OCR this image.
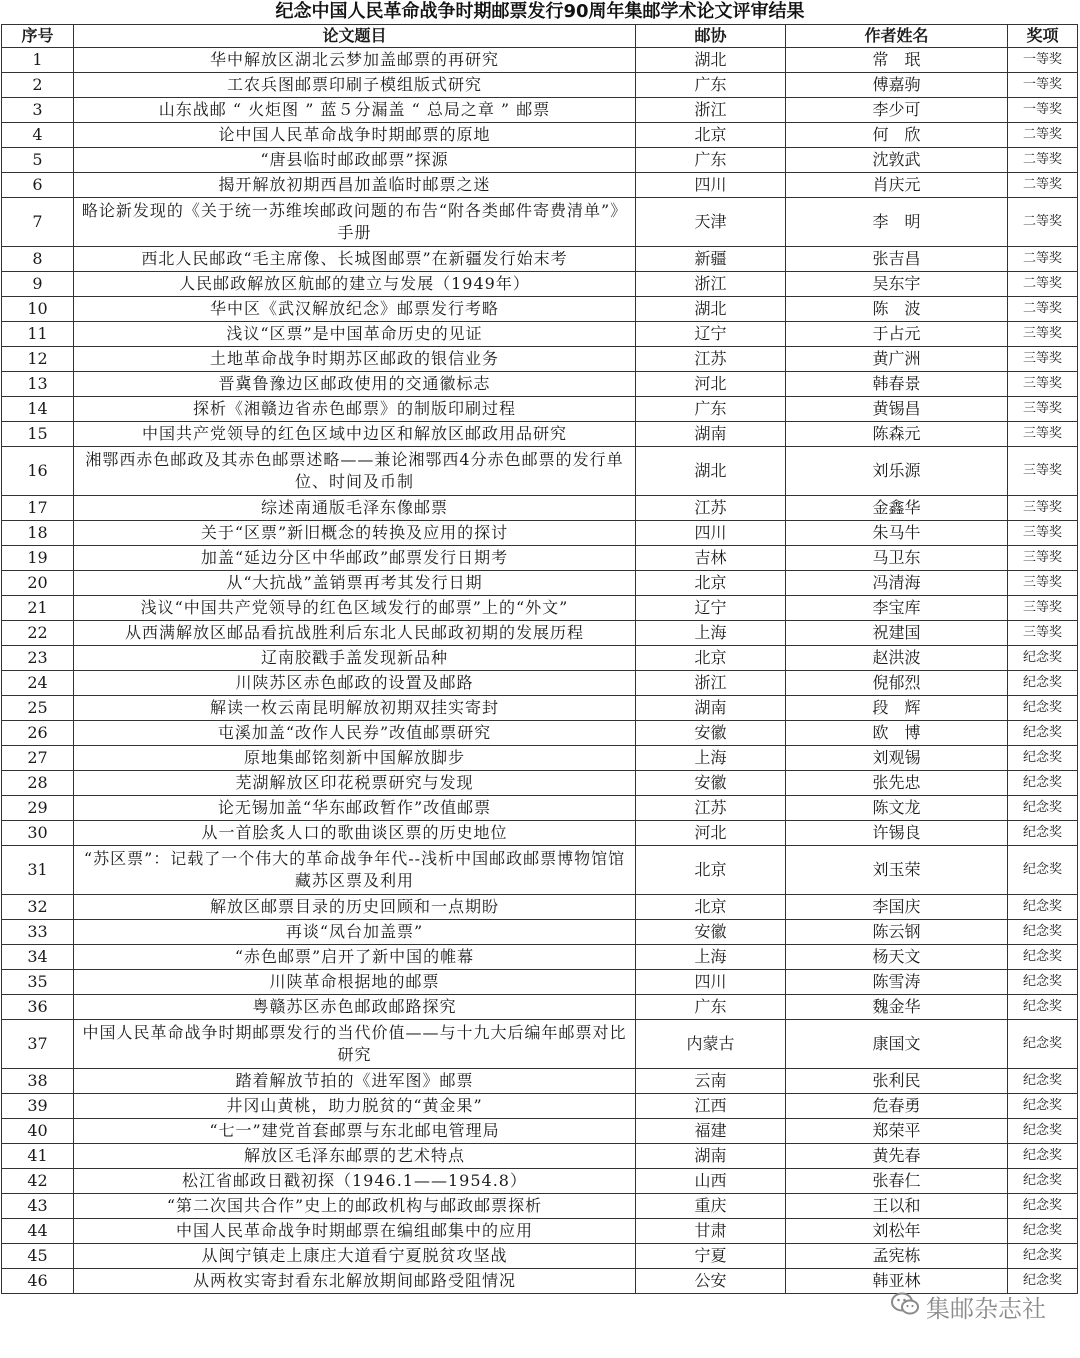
纪念中国人民革命战争时期邮票发行90周年集邮学术论文评审结果
序号	论文题目	邮协	作者姓名	奖项
1	华中解放区湖北云梦加盖邮票的再研究	湖北	常　珉	一等奖
2	工农兵图邮票印刷子模组版式研究	广东	傅嘉驹	一等奖
3	山东战邮 “ 火炬图 ” 蓝５分漏盖 “ 总局之章 ” 邮票	浙江	李少可	一等奖
4	论中国人民革命战争时期邮票的原地	北京	何　欣	二等奖
5	“唐县临时邮政邮票”探源	广东	沈敦武	二等奖
6	揭开解放初期西昌加盖临时邮票之迷	四川	肖庆元	二等奖
7	略论新发现的《关于统一苏维埃邮政问题的布告“附各类邮件寄费清单”》手册	天津	李　明	二等奖
8	西北人民邮政“毛主席像、长城图邮票”在新疆发行始末考	新疆	张吉昌	二等奖
9	人民邮政解放区航邮的建立与发展（1949年）	浙江	吴东宇	二等奖
10	华中区《武汉解放纪念》邮票发行考略	湖北	陈　波	二等奖
11	浅议“区票”是中国革命历史的见证	辽宁	于占元	三等奖
12	土地革命战争时期苏区邮政的银信业务	江苏	黄广洲	三等奖
13	晋冀鲁豫边区邮政使用的交通徽标志	河北	韩春景	三等奖
14	探析《湘赣边省赤色邮票》的制版印刷过程	广东	黄锡昌	三等奖
15	中国共产党领导的红色区域中边区和解放区邮政用品研究	湖南	陈森元	三等奖
16	湘鄂西赤色邮政及其赤色邮票述略——兼论湘鄂西4分赤色邮票的发行单位、时间及币制	湖北	刘乐源	三等奖
17	综述南通版毛泽东像邮票	江苏	金鑫华	三等奖
18	关于“区票”新旧概念的转换及应用的探讨	四川	朱马牛	三等奖
19	加盖“延边分区中华邮政”邮票发行日期考	吉林	马卫东	三等奖
20	从“大抗战”盖销票再考其发行日期	北京	冯清海	三等奖
21	浅议“中国共产党领导的红色区域发行的邮票”上的“外文”	辽宁	李宝库	三等奖
22	从西满解放区邮品看抗战胜利后东北人民邮政初期的发展历程	上海	祝建国	三等奖
23	辽南胶戳手盖发现新品种	北京	赵洪波	纪念奖
24	川陕苏区赤色邮政的设置及邮路	浙江	倪郁烈	纪念奖
25	解读一枚云南昆明解放初期双挂实寄封	湖南	段　辉	纪念奖
26	屯溪加盖“改作人民券”改值邮票研究	安徽	欧　博	纪念奖
27	原地集邮铭刻新中国解放脚步	上海	刘观锡	纪念奖
28	芜湖解放区印花税票研究与发现	安徽	张先忠	纪念奖
29	论无锡加盖“华东邮政暂作”改值邮票	江苏	陈文龙	纪念奖
30	从一首脍炙人口的歌曲谈区票的历史地位	河北	许锡良	纪念奖
31	“苏区票”：记载了一个伟大的革命战争年代--浅析中国邮政邮票博物馆馆藏苏区票及利用	北京	刘玉荣	纪念奖
32	解放区邮票目录的历史回顾和一点期盼	北京	李国庆	纪念奖
33	再谈“凤台加盖票”	安徽	陈云钢	纪念奖
34	“赤色邮票”启开了新中国的帷幕	上海	杨天文	纪念奖
35	川陕革命根据地的邮票	四川	陈雪涛	纪念奖
36	粤赣苏区赤色邮政邮路探究	广东	魏金华	纪念奖
37	中国人民革命战争时期邮票发行的当代价值——与十九大后编年邮票对比研究	内蒙古	康国文	纪念奖
38	踏着解放节拍的《进军图》邮票	云南	张利民	纪念奖
39	井冈山黄桃，助力脱贫的“黄金果”	江西	危春勇	纪念奖
40	“七一”建党首套邮票与东北邮电管理局	福建	郑荣平	纪念奖
41	解放区毛泽东邮票的艺术特点	湖南	黄先春	纪念奖
42	松江省邮政日戳初探（1946.1——1954.8）	山西	张春仁	纪念奖
43	“第二次国共合作”史上的邮政机构与邮政邮票探析	重庆	王以和	纪念奖
44	中国人民革命战争时期邮票在编组邮集中的应用	甘肃	刘松年	纪念奖
45	从闽宁镇走上康庄大道看宁夏脱贫攻坚战	宁夏	孟宪栋	纪念奖
46	从两枚实寄封看东北解放期间邮路受阻情况	公安	韩亚林	纪念奖
集邮杂志社
